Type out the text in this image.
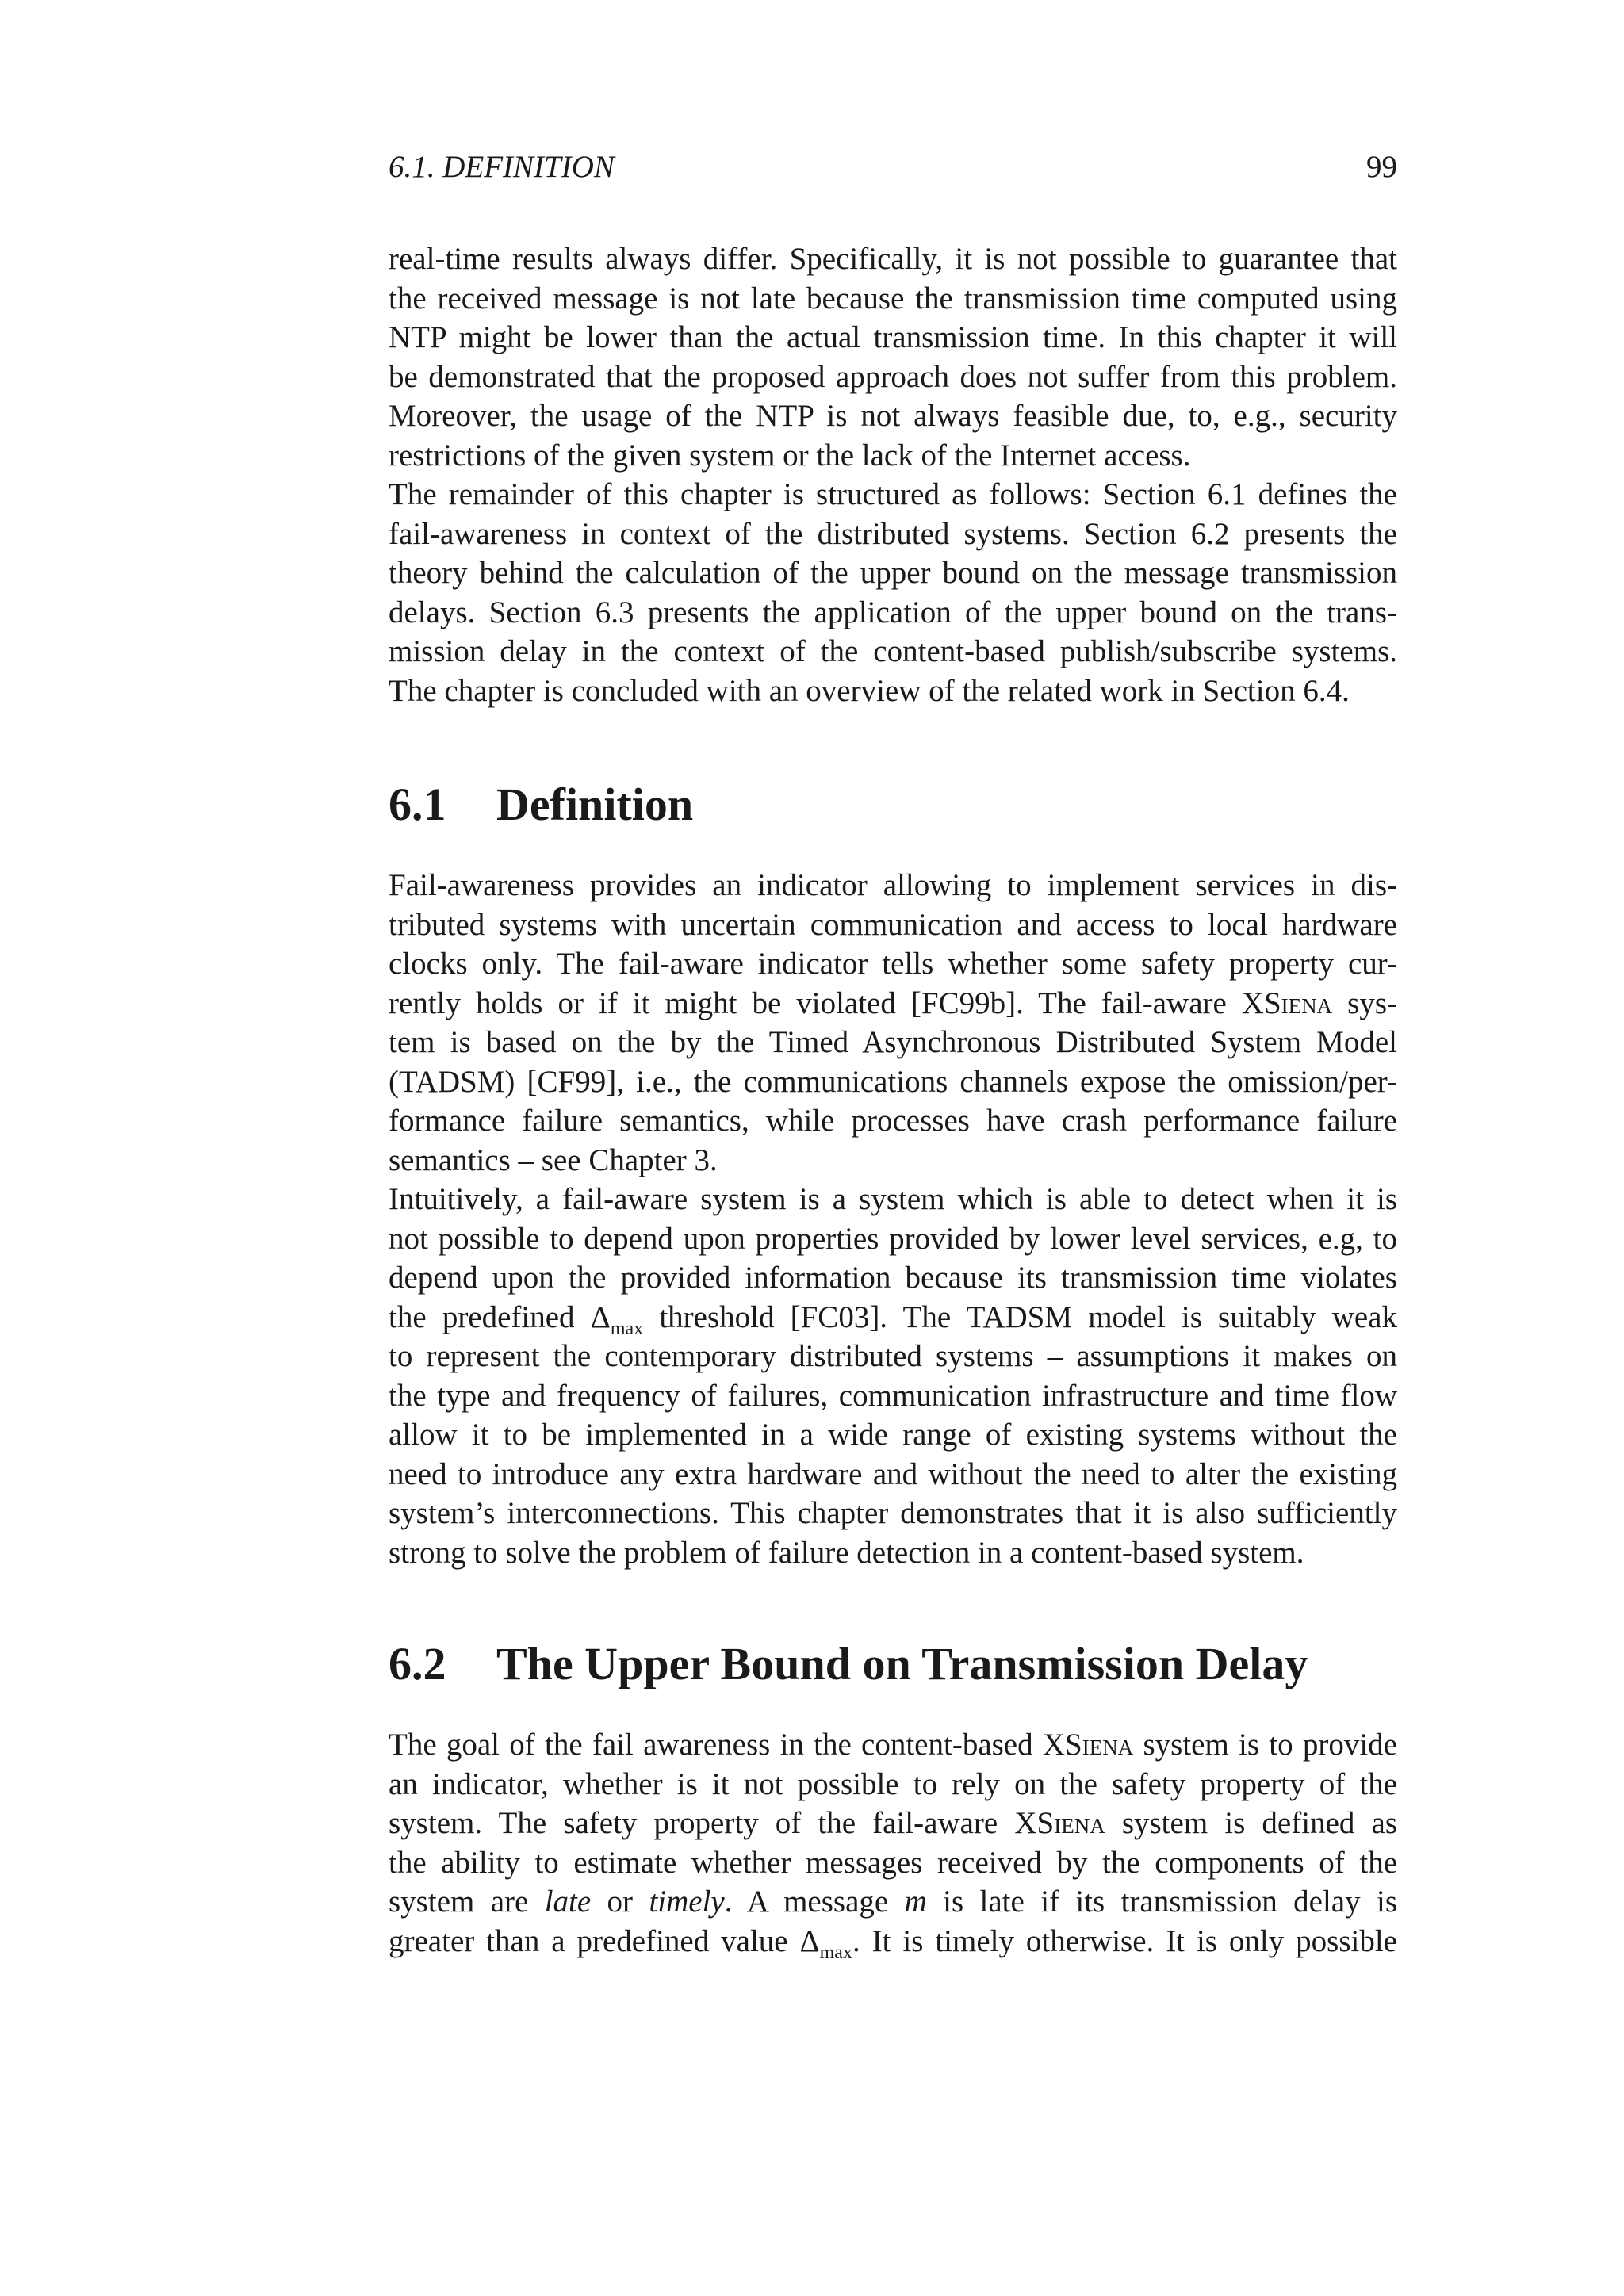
6.1. DEFINITION	99

real-time results always differ. Specifically, it is not possible to guarantee that
the received message is not late because the transmission time computed using
NTP might be lower than the actual transmission time. In this chapter it will
be demonstrated that the proposed approach does not suffer from this problem.
Moreover, the usage of the NTP is not always feasible due, to, e.g., security
restrictions of the given system or the lack of the Internet access.

The remainder of this chapter is structured as follows: Section 6.1 defines the
fail-awareness in context of the distributed systems. Section 6.2 presents the
theory behind the calculation of the upper bound on the message transmission
delays. Section 6.3 presents the application of the upper bound on the trans-
mission delay in the context of the content-based publish/subscribe systems.
The chapter is concluded with an overview of the related work in Section 6.4.

6.1 Definition

Fail-awareness provides an indicator allowing to implement services in dis-
tributed systems with uncertain communication and access to local hardware
clocks only. The fail-aware indicator tells whether some safety property cur-
rently holds or if it might be violated [FC99b]. The fail-aware XSiena sys-
tem is based on the by the Timed Asynchronous Distributed System Model
(TADSM) [CF99], i.e., the communications channels expose the omission/per-
formance failure semantics, while processes have crash performance failure
semantics – see Chapter 3.

Intuitively, a fail-aware system is a system which is able to detect when it is
not possible to depend upon properties provided by lower level services, e.g, to
depend upon the provided information because its transmission time violates
the predefined $\Delta_{max}$ threshold [FC03]. The TADSM model is suitably weak
to represent the contemporary distributed systems – assumptions it makes on
the type and frequency of failures, communication infrastructure and time flow
allow it to be implemented in a wide range of existing systems without the
need to introduce any extra hardware and without the need to alter the existing
system’s interconnections. This chapter demonstrates that it is also sufficiently
strong to solve the problem of failure detection in a content-based system.

6.2 The Upper Bound on Transmission Delay

The goal of the fail awareness in the content-based XSiena system is to provide
an indicator, whether is it not possible to rely on the safety property of the
system. The safety property of the fail-aware XSiena system is defined as
the ability to estimate whether messages received by the components of the
system are late or timely. A message m is late if its transmission delay is
greater than a predefined value $\Delta_{max}$. It is timely otherwise. It is only possible
